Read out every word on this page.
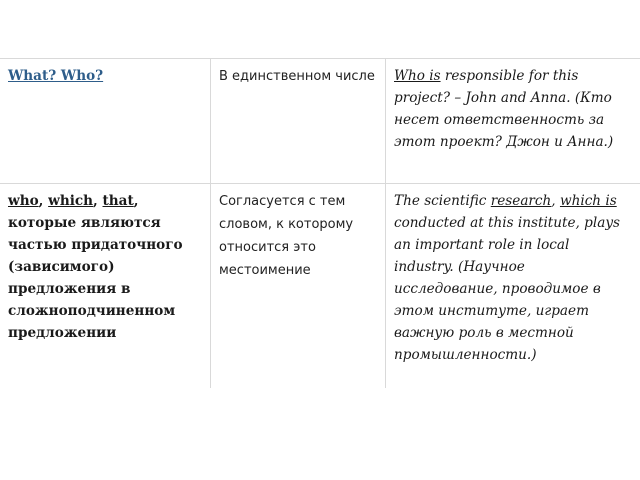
What? Who?	В единственном числе	Who is responsible for this project? – John and Anna. (Кто несет ответственность за этот проект? Джон и Анна.)
who, which, that, которые являются частью придаточного (зависимого) предложения в сложноподчиненном предложении	Согласуется с тем словом, к которому относится это местоимение	The scientific research, which is conducted at this institute, plays an important role in local industry. (Научное исследование, проводимое в этом институте, играет важную роль в местной промышленности.)
